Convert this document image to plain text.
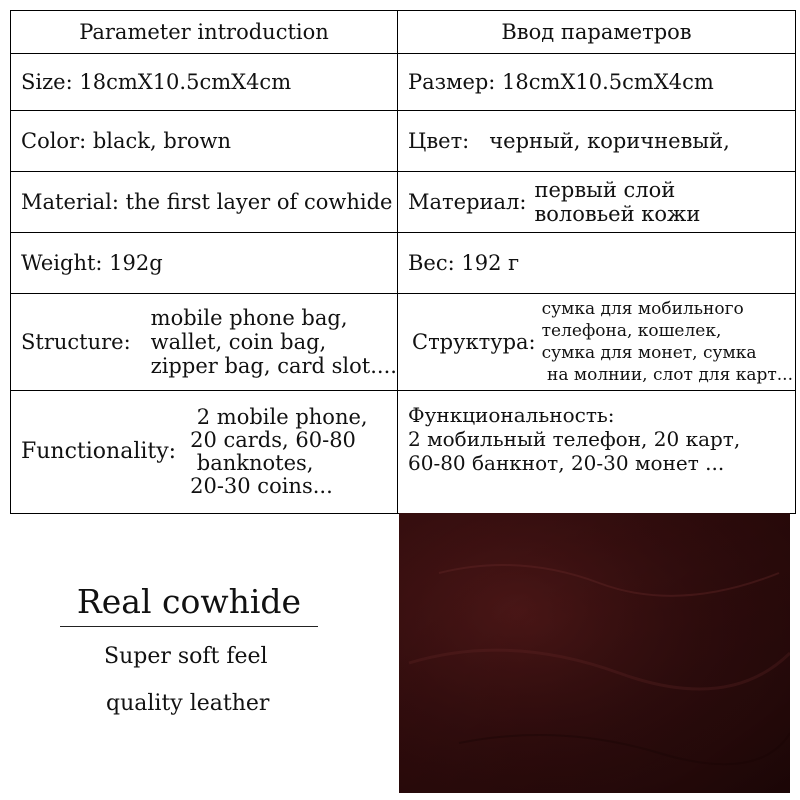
Parameter introduction	Ввод параметров
Size: 18cmX10.5cmX4cm	Размер: 18cmX10.5cmX4cm
Color: black, brown	Цвет:   черный, коричневый,
Material: the first layer of cowhide	Материал: первый слой
воловьей кожи

Weight: 192g	Вес: 192 г

Structure:
mobile phone bag,
wallet, coin bag,
zipper bag, card slot....	Структура:
сумка для мобильного
телефона, кошелек,
сумка для монет, сумка
на молнии, слот для карт...

Functionality:
2 mobile phone,
20 cards, 60-80
banknotes,
20-30 coins...	Функциональность:
2 мобильный телефон, 20 карт,
60-80 банкнот, 20-30 монет ...
Real cowhide
Super soft feel
quality leather
